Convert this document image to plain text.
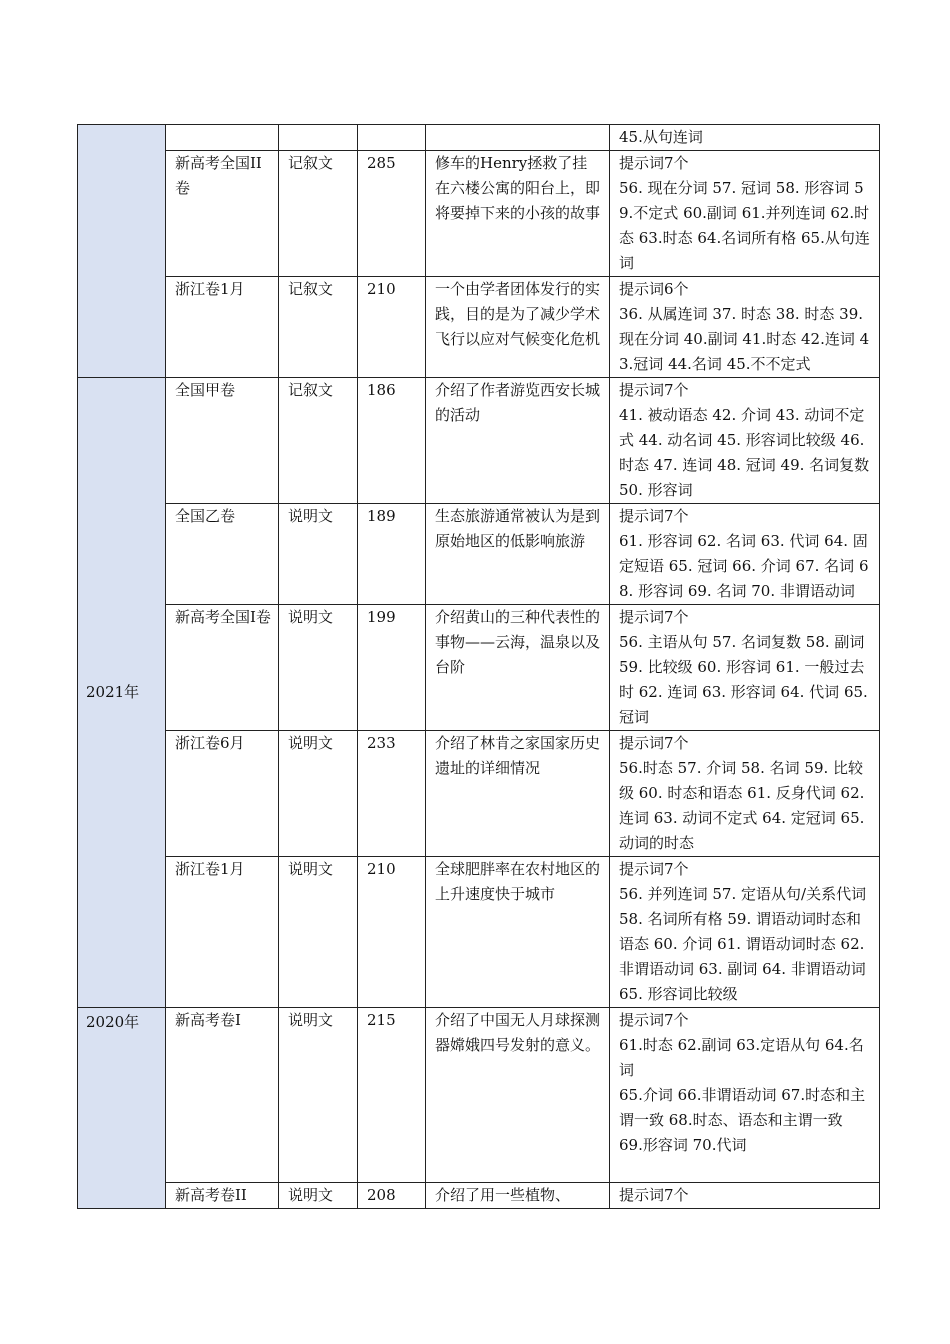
					45.从句连词

	新高考全国II卷	记叙文	285	修车的Henry拯救了挂在六楼公寓的阳台上，即将要掉下来的小孩的故事	提示词7个
56. 现在分词 57. 冠词 58. 形容词 59.不定式 60.副词 61.并列连词 62.时态 63.时态 64.名词所有格 65.从句连词

	浙江卷1月	记叙文	210	一个由学者团体发行的实践，目的是为了减少学术飞行以应对气候变化危机	提示词6个
36. 从属连词 37. 时态 38. 时态 39. 现在分词 40.副词 41.时态 42.连词 43.冠词 44.名词 45.不不定式

2021年	全国甲卷	记叙文	186	介绍了作者游览西安长城的活动	提示词7个
41. 被动语态 42. 介词 43. 动词不定式 44. 动名词 45. 形容词比较级 46. 时态 47. 连词 48. 冠词 49. 名词复数 50. 形容词

	全国乙卷	说明文	189	生态旅游通常被认为是到原始地区的低影响旅游	提示词7个
61. 形容词 62. 名词 63. 代词 64. 固定短语 65. 冠词 66. 介词 67. 名词 68. 形容词 69. 名词 70. 非谓语动词

	新高考全国I卷	说明文	199	介绍黄山的三种代表性的事物——云海，温泉以及台阶	提示词7个
56. 主语从句 57. 名词复数 58. 副词 59. 比较级 60. 形容词 61. 一般过去时 62. 连词 63. 形容词 64. 代词 65. 冠词

	浙江卷6月	说明文	233	介绍了林肯之家国家历史遗址的详细情况	提示词7个
56.时态 57. 介词 58. 名词 59. 比较级 60. 时态和语态 61. 反身代词 62. 连词 63. 动词不定式 64. 定冠词 65. 动词的时态

	浙江卷1月	说明文	210	全球肥胖率在农村地区的上升速度快于城市	提示词7个
56. 并列连词 57. 定语从句/关系代词 58. 名词所有格 59. 谓语动词时态和语态 60. 介词 61. 谓语动词时态 62. 非谓语动词 63. 副词 64. 非谓语动词 65. 形容词比较级

2020年	新高考卷I	说明文	215	介绍了中国无人月球探测器嫦娥四号发射的意义。	提示词7个
61.时态 62.副词 63.定语从句 64.名词
65.介词 66.非谓语动词 67.时态和主谓一致 68.时态、语态和主谓一致
69.形容词 70.代词

	新高考卷II	说明文	208	介绍了用一些植物、	提示词7个
